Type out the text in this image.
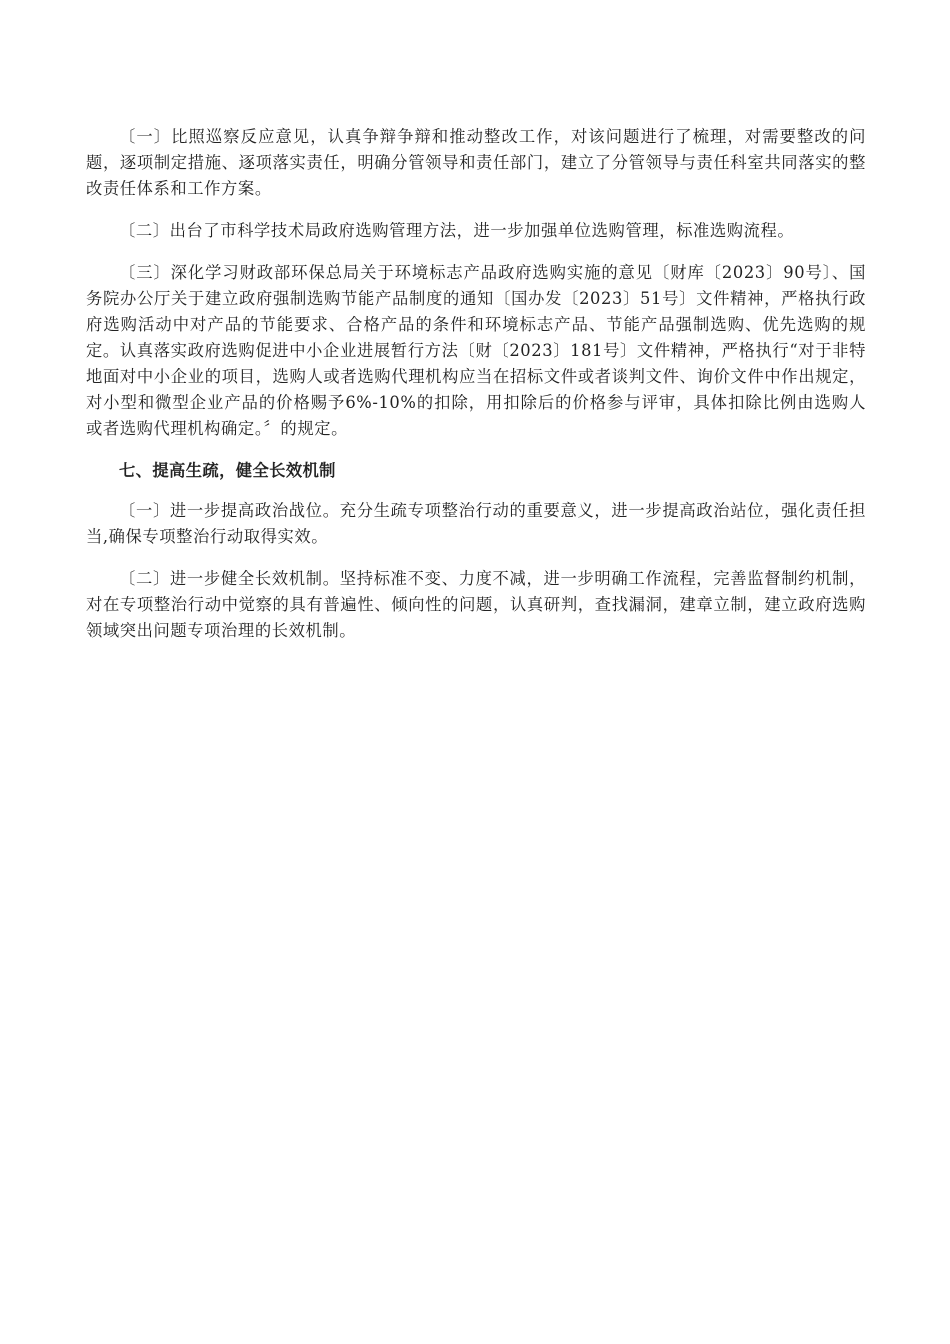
〔一〕比照巡察反应意见，认真争辩争辩和推动整改工作，对该问题进行了梳理，对需要整改的问题，逐项制定措施、逐项落实责任，明确分管领导和责任部门，建立了分管领导与责任科室共同落实的整改责任体系和工作方案。

〔二〕出台了市科学技术局政府选购管理方法，进一步加强单位选购管理，标准选购流程。

〔三〕深化学习财政部环保总局关于环境标志产品政府选购实施的意见〔财库〔2023〕90号〕、国务院办公厅关于建立政府强制选购节能产品制度的通知〔国办发〔2023〕51号〕文件精神，严格执行政府选购活动中对产品的节能要求、合格产品的条件和环境标志产品、节能产品强制选购、优先选购的规定。认真落实政府选购促进中小企业进展暂行方法〔财〔2023〕181号〕文件精神，严格执行“对于非特地面对中小企业的项目，选购人或者选购代理机构应当在招标文件或者谈判文件、询价文件中作出规定，对小型和微型企业产品的价格赐予6%-10%的扣除，用扣除后的价格参与评审，具体扣除比例由选购人或者选购代理机构确定。〞的规定。

七、提高生疏，健全长效机制

〔一〕进一步提高政治战位。充分生疏专项整治行动的重要意义，进一步提高政治站位，强化责任担当,确保专项整治行动取得实效。

〔二〕进一步健全长效机制。坚持标准不变、力度不减，进一步明确工作流程，完善监督制约机制，对在专项整治行动中觉察的具有普遍性、倾向性的问题，认真研判，查找漏洞，建章立制，建立政府选购领域突出问题专项治理的长效机制。
